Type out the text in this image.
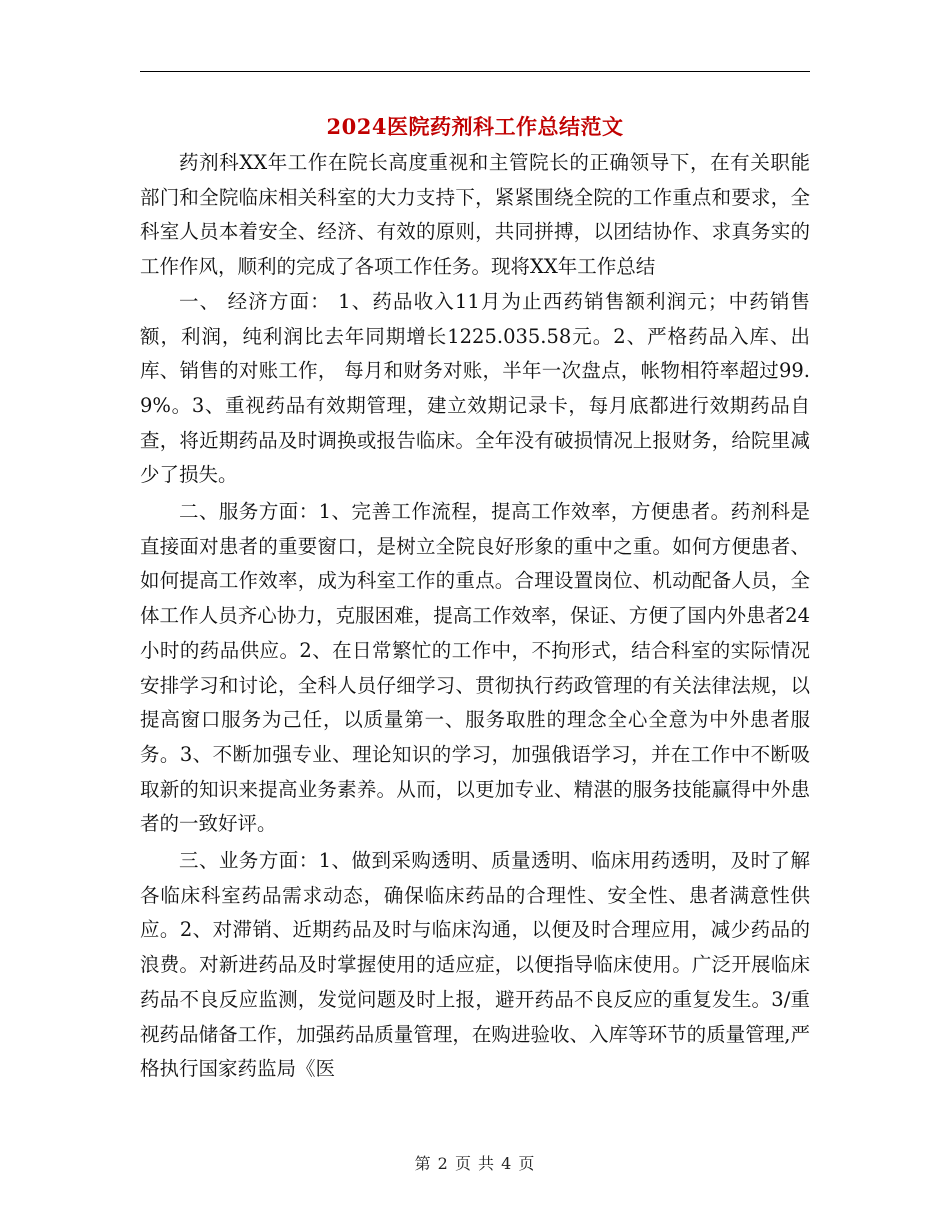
2024医院药剂科工作总结范文

药剂科XX年工作在院长高度重视和主管院长的正确领导下，在有关职能部门和全院临床相关科室的大力支持下，紧紧围绕全院的工作重点和要求，全科室人员本着安全、经济、有效的原则，共同拼搏，以团结协作、求真务实的工作作风，顺利的完成了各项工作任务。现将XX年工作总结

一、 经济方面： 1、药品收入11月为止西药销售额利润元；中药销售额，利润，纯利润比去年同期增长1225.035.58元。2、严格药品入库、出库、销售的对账工作， 每月和财务对账，半年一次盘点，帐物相符率超过99.9%。3、重视药品有效期管理，建立效期记录卡，每月底都进行效期药品自查，将近期药品及时调换或报告临床。全年没有破损情况上报财务，给院里减少了损失。

二、服务方面：1、完善工作流程，提高工作效率，方便患者。药剂科是直接面对患者的重要窗口，是树立全院良好形象的重中之重。如何方便患者、如何提高工作效率，成为科室工作的重点。合理设置岗位、机动配备人员，全体工作人员齐心协力，克服困难，提高工作效率，保证、方便了国内外患者24小时的药品供应。2、在日常繁忙的工作中，不拘形式，结合科室的实际情况安排学习和讨论，全科人员仔细学习、贯彻执行药政管理的有关法律法规，以提高窗口服务为己任，以质量第一、服务取胜的理念全心全意为中外患者服务。3、不断加强专业、理论知识的学习，加强俄语学习，并在工作中不断吸取新的知识来提高业务素养。从而，以更加专业、精湛的服务技能赢得中外患者的一致好评。

三、业务方面：1、做到采购透明、质量透明、临床用药透明，及时了解各临床科室药品需求动态，确保临床药品的合理性、安全性、患者满意性供应。2、对滞销、近期药品及时与临床沟通，以便及时合理应用，减少药品的浪费。对新进药品及时掌握使用的适应症，以便指导临床使用。广泛开展临床药品不良反应监测，发觉问题及时上报，避开药品不良反应的重复发生。3/重视药品储备工作，加强药品质量管理，在购进验收、入库等环节的质量管理,严格执行国家药监局《医

第 2 页 共 4 页
